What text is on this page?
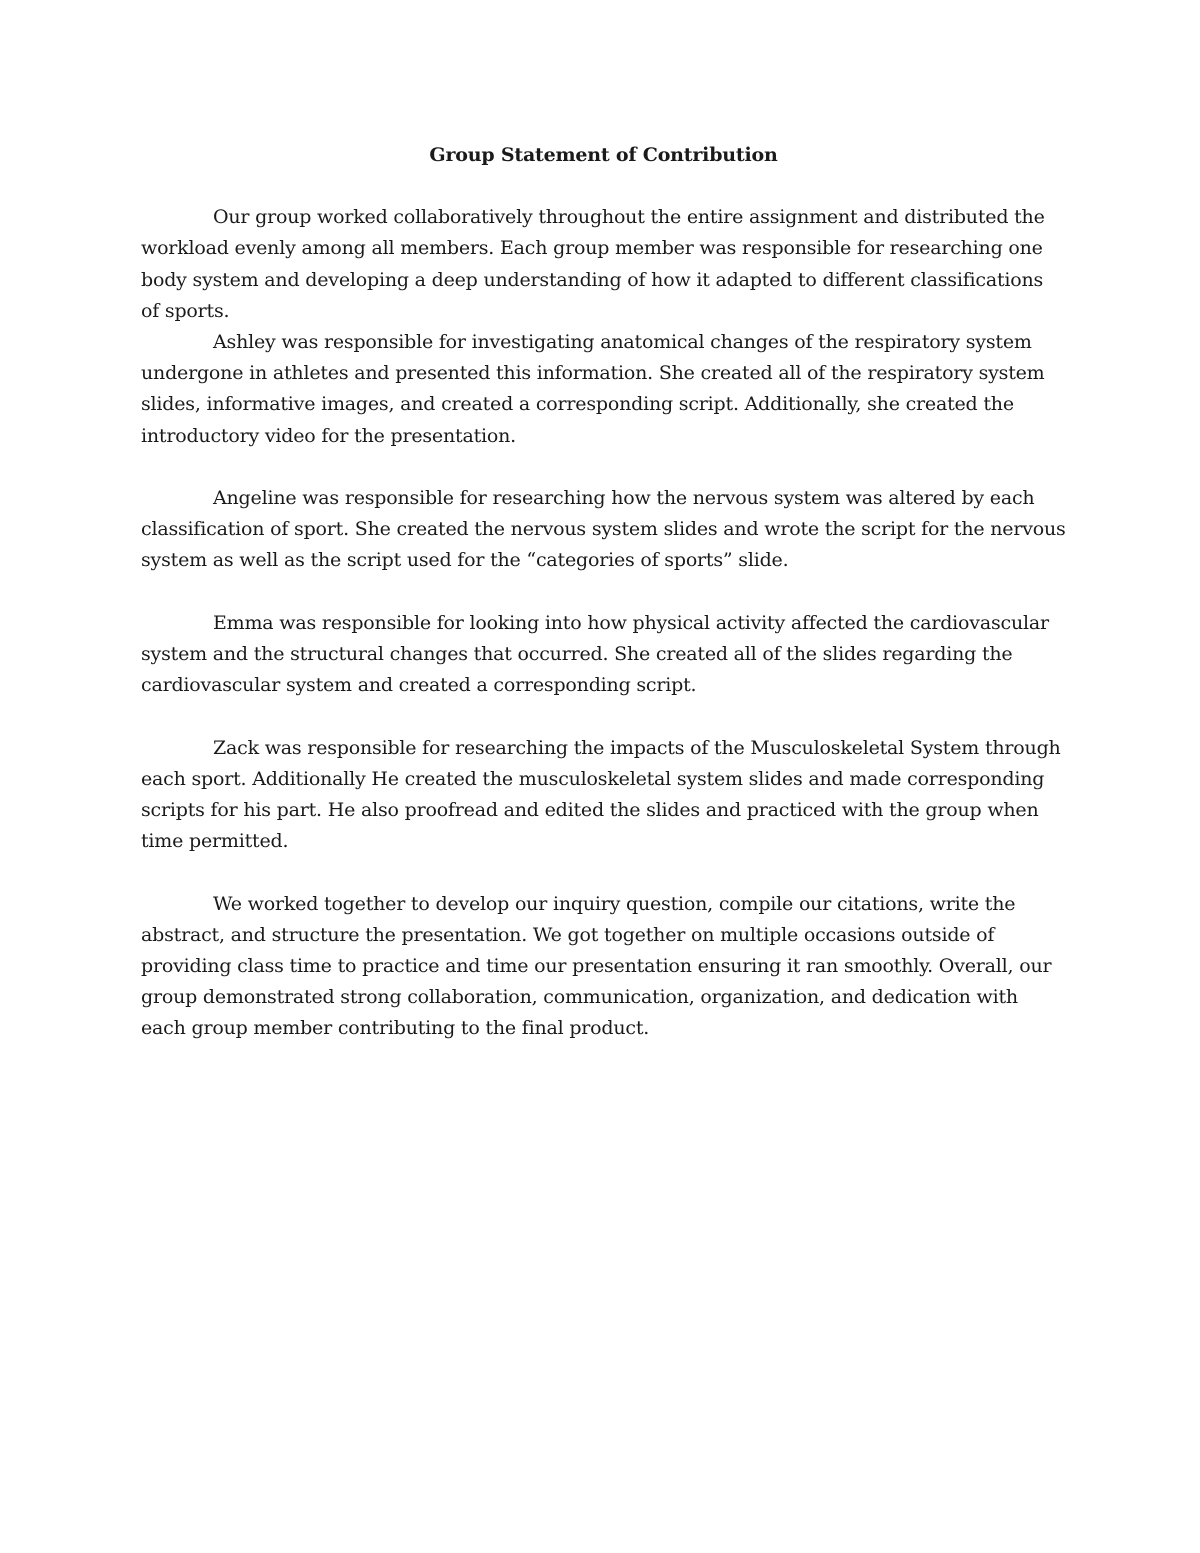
Group Statement of Contribution

Our group worked collaboratively throughout the entire assignment and distributed the workload evenly among all members. Each group member was responsible for researching one body system and developing a deep understanding of how it adapted to different classifications of sports.

Ashley was responsible for investigating anatomical changes of the respiratory system undergone in athletes and presented this information. She created all of the respiratory system slides, informative images, and created a corresponding script. Additionally, she created the introductory video for the presentation.

Angeline was responsible for researching how the nervous system was altered by each classification of sport. She created the nervous system slides and wrote the script for the nervous system as well as the script used for the “categories of sports” slide.

Emma was responsible for looking into how physical activity affected the cardiovascular system and the structural changes that occurred. She created all of the slides regarding the cardiovascular system and created a corresponding script.

Zack was responsible for researching the impacts of the Musculoskeletal System through each sport. Additionally He created the musculoskeletal system slides and made corresponding scripts for his part. He also proofread and edited the slides and practiced with the group when time permitted.

We worked together to develop our inquiry question, compile our citations, write the abstract, and structure the presentation. We got together on multiple occasions outside of providing class time to practice and time our presentation ensuring it ran smoothly. Overall, our group demonstrated strong collaboration, communication, organization, and dedication with each group member contributing to the final product.
